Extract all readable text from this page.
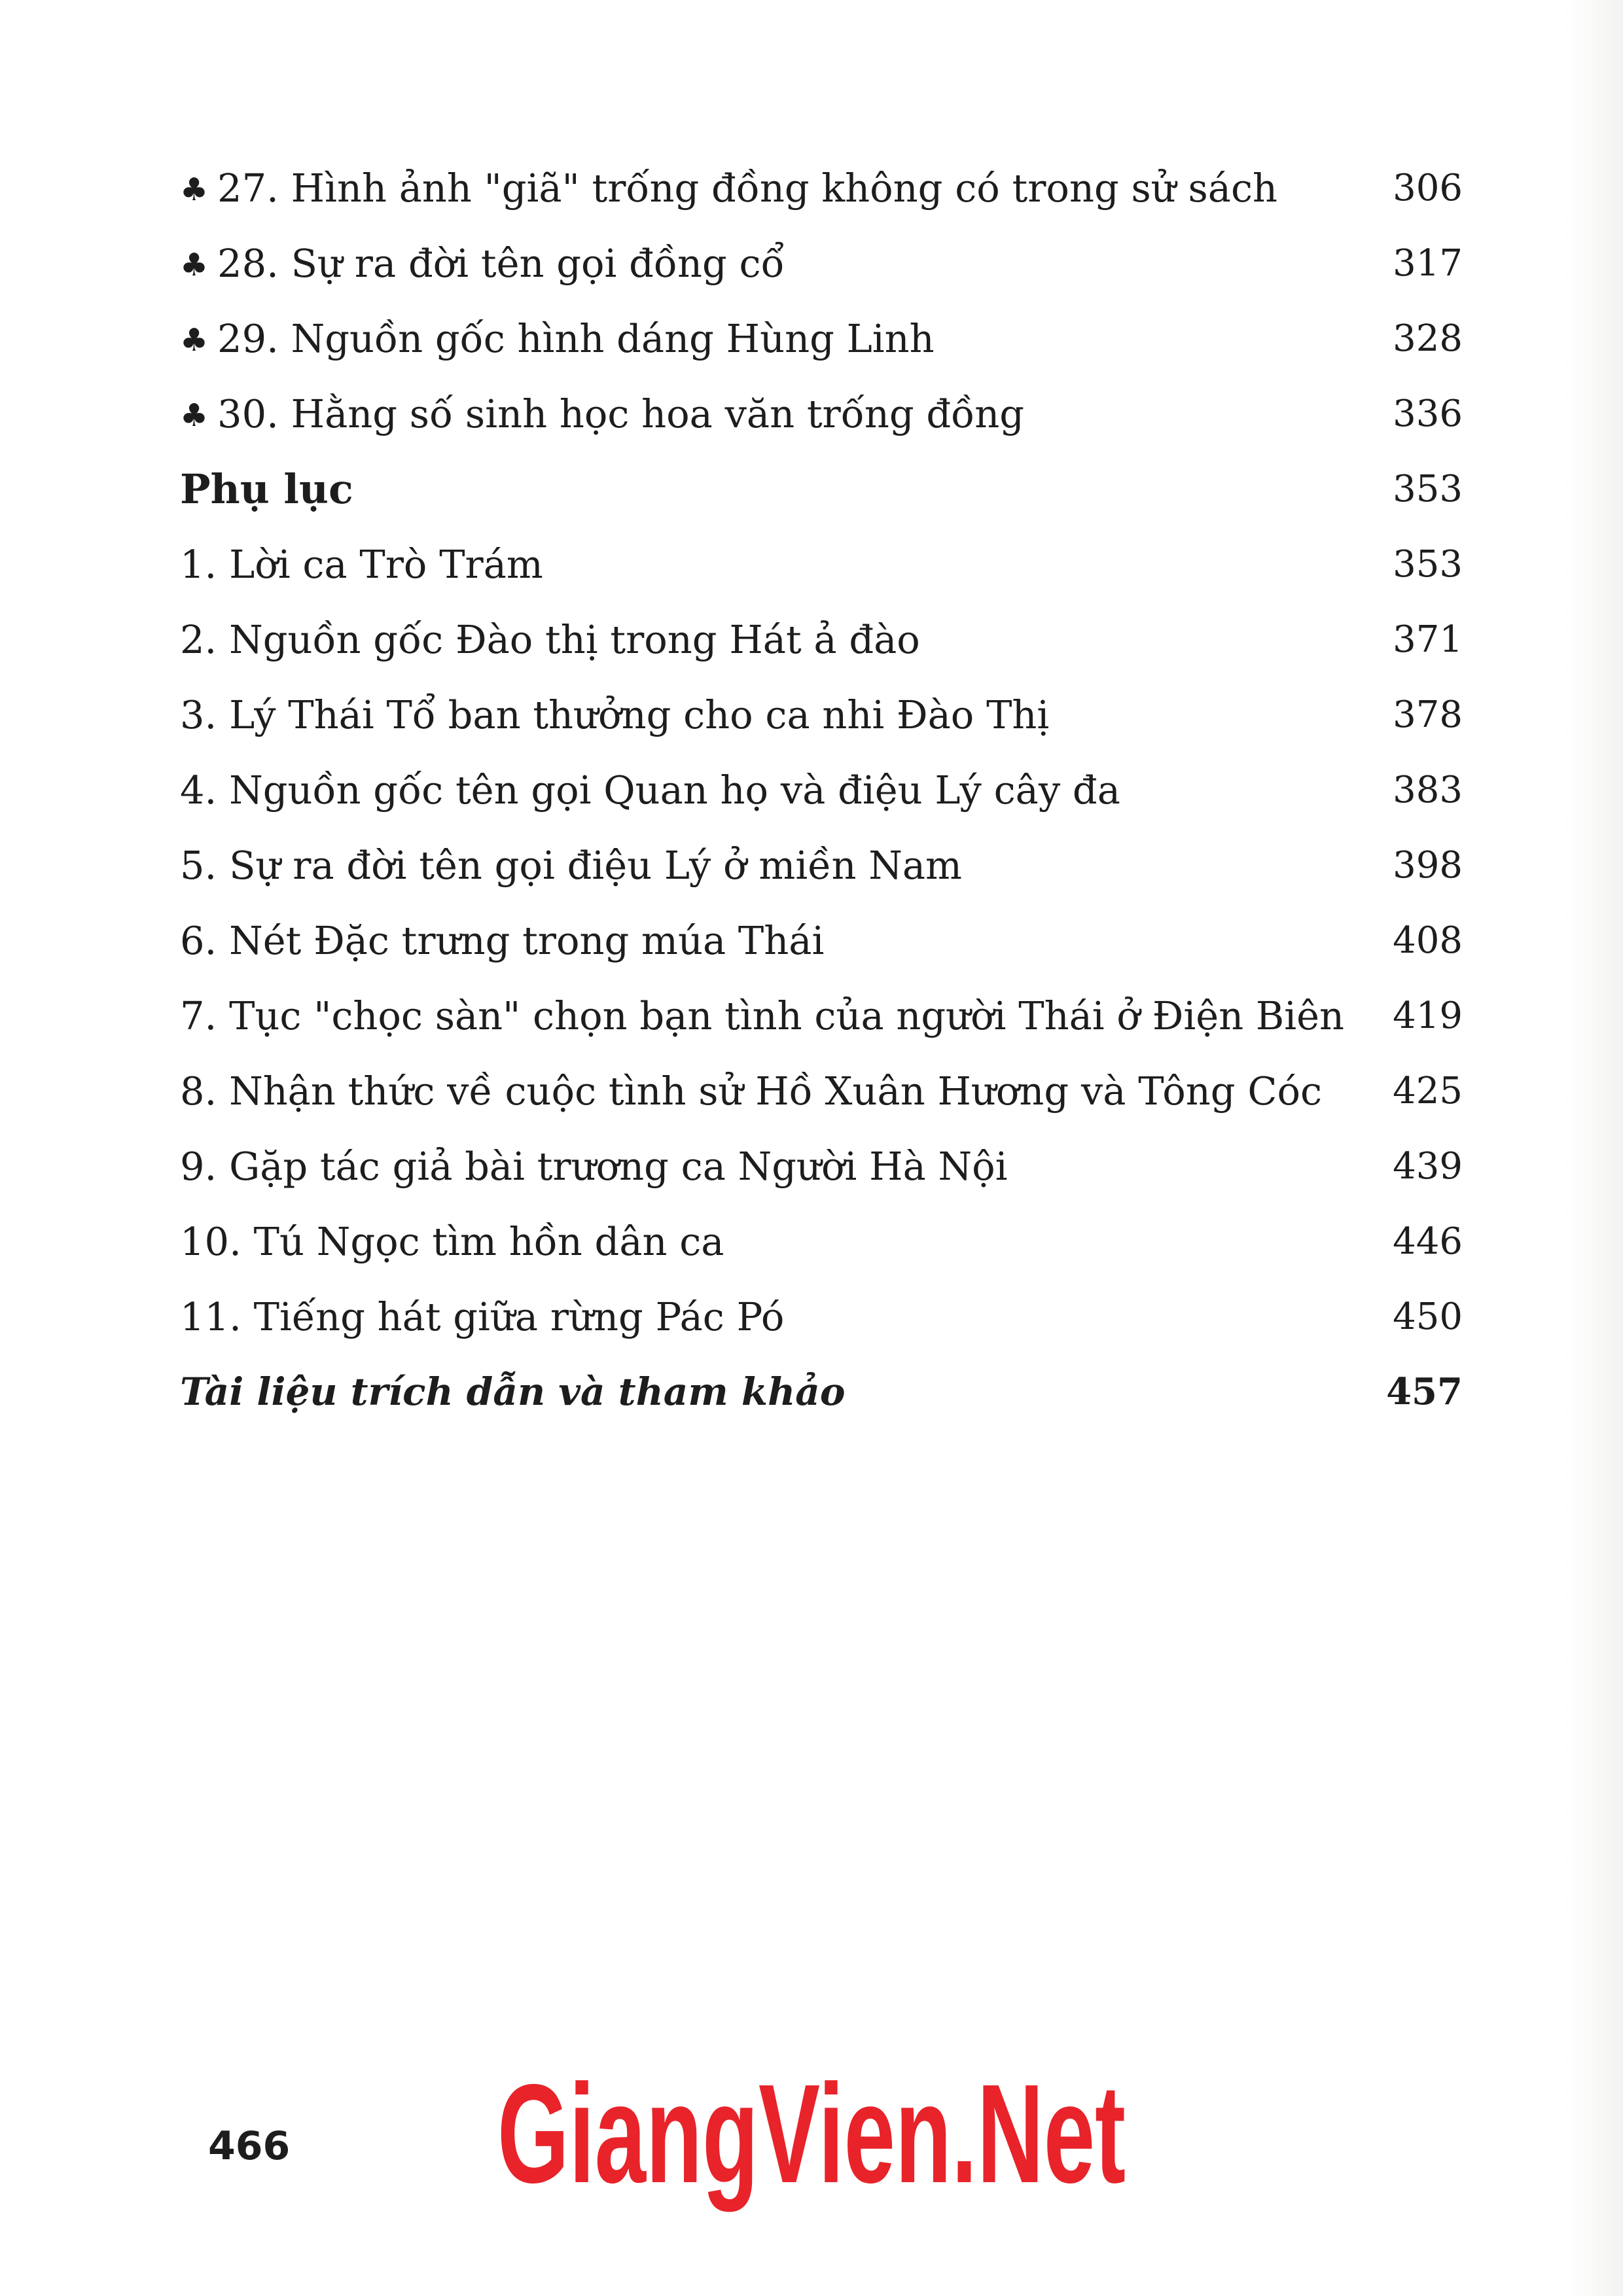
♣ 27. Hình ảnh "giã" trống đồng không có trong sử sách	306
♣ 28. Sự ra đời tên gọi đồng cổ	317
♣ 29. Nguồn gốc hình dáng Hùng Linh	328
♣ 30. Hằng số sinh học hoa văn trống đồng	336
Phụ lục	353
1. Lời ca Trò Trám	353
2. Nguồn gốc Đào thị trong Hát ả đào	371
3. Lý Thái Tổ ban thưởng cho ca nhi Đào Thị	378
4. Nguồn gốc tên gọi Quan họ và điệu Lý cây đa	383
5. Sự ra đời tên gọi điệu Lý ở miền Nam	398
6. Nét Đặc trưng trong múa Thái	408
7. Tục "chọc sàn" chọn bạn tình của người Thái ở Điện Biên 419
8. Nhận thức về cuộc tình sử Hồ Xuân Hương và Tông Cóc 425
9. Gặp tác giả bài trương ca Người Hà Nội	439
10. Tú Ngọc tìm hồn dân ca	446
11. Tiếng hát giữa rừng Pác Pó	450
Tài liệu trích dẫn và tham khảo	457
466 GiangVien.Net
